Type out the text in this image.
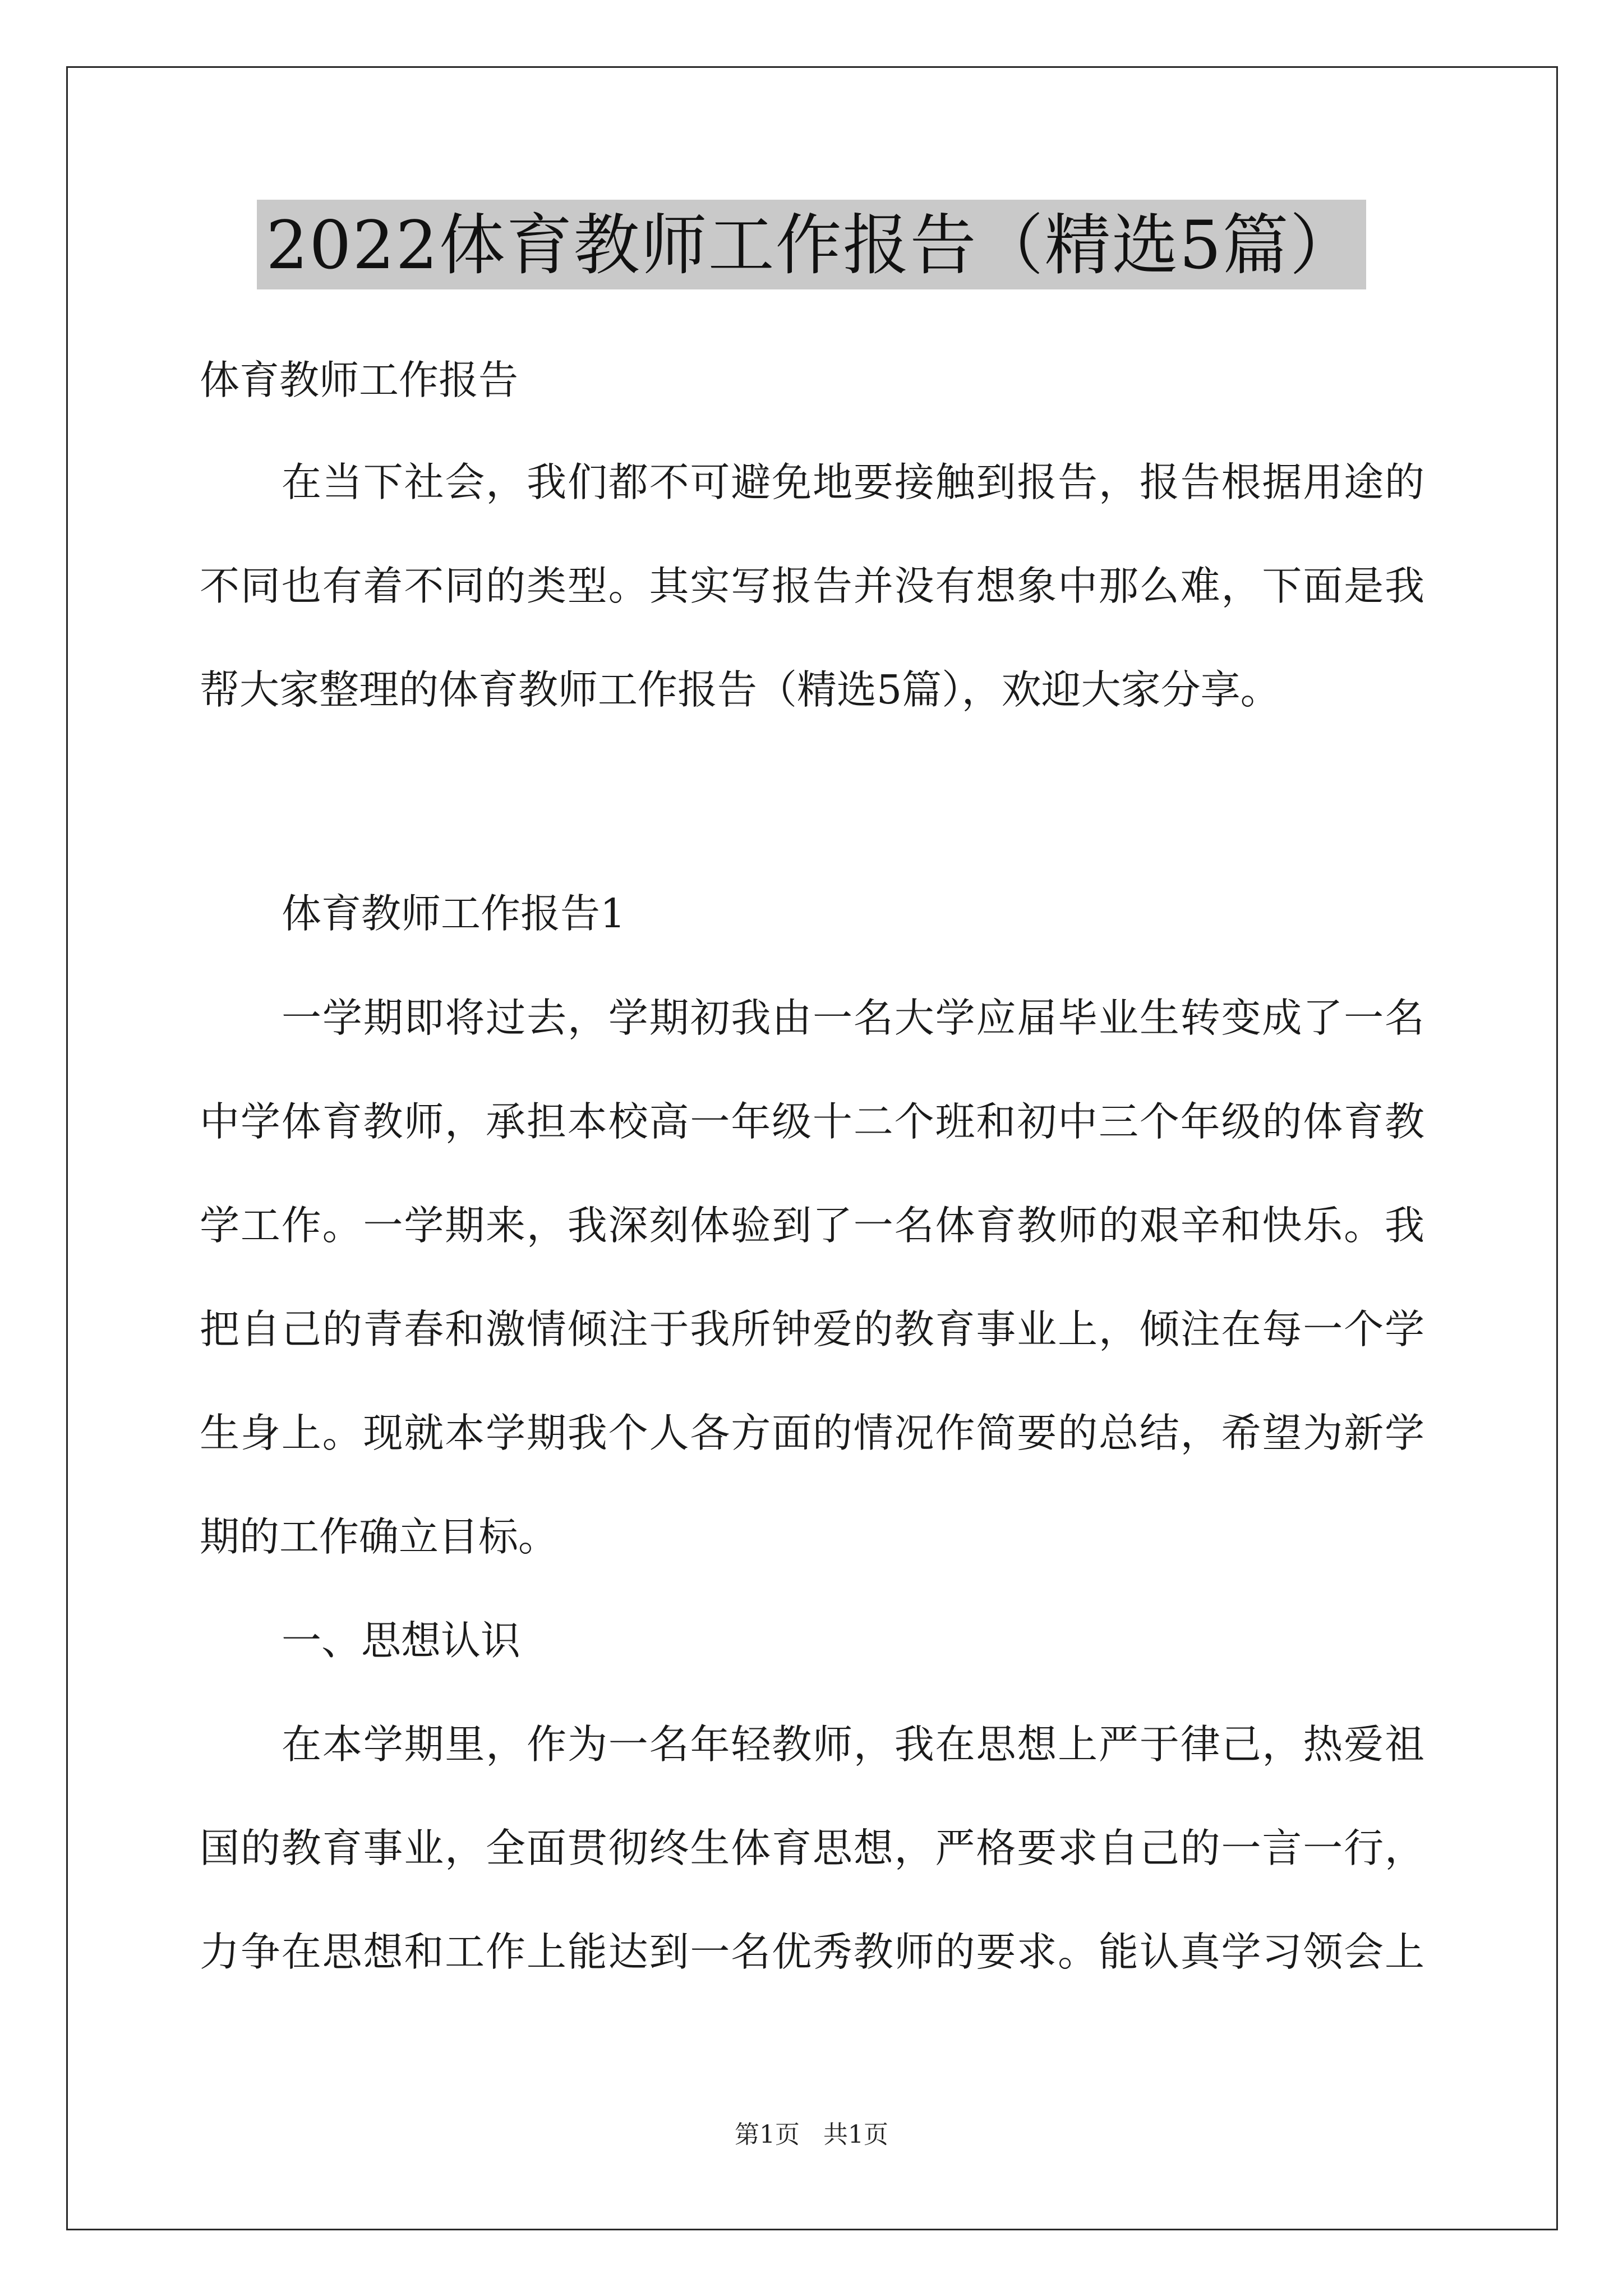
2022体育教师工作报告（精选5篇）
体育教师工作报告
在当下社会，我们都不可避免地要接触到报告，报告根据用途的
不同也有着不同的类型。其实写报告并没有想象中那么难，下面是我
帮大家整理的体育教师工作报告（精选5篇），欢迎大家分享。
体育教师工作报告1
一学期即将过去，学期初我由一名大学应届毕业生转变成了一名
中学体育教师，承担本校高一年级十二个班和初中三个年级的体育教
学工作。一学期来，我深刻体验到了一名体育教师的艰辛和快乐。我
把自己的青春和激情倾注于我所钟爱的教育事业上，倾注在每一个学
生身上。现就本学期我个人各方面的情况作简要的总结，希望为新学
期的工作确立目标。
一、思想认识
在本学期里，作为一名年轻教师，我在思想上严于律己，热爱祖
国的教育事业，全面贯彻终生体育思想，严格要求自己的一言一行，
力争在思想和工作上能达到一名优秀教师的要求。能认真学习领会上
第1页   共1页
